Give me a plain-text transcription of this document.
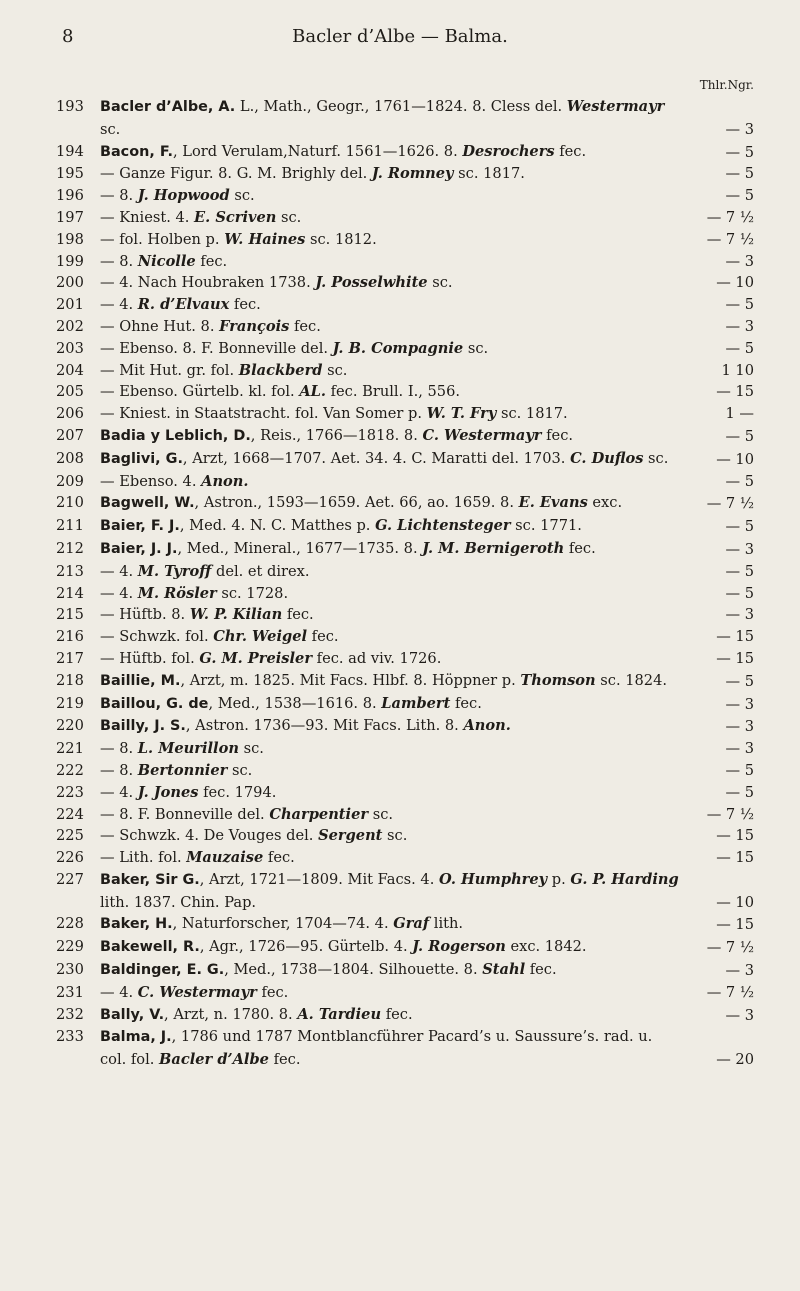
8	Bacler d’Albe — Balma.
Thlr.Ngr.
193	Bacler d’Albe, A. L., Math., Geogr., 1761—1824. 8. Cless del. Westermayr sc.	— 3
194	Bacon, F., Lord Verulam,Naturf. 1561—1626. 8. Desrochers fec.	— 5
195	— Ganze Figur. 8. G. M. Brighly del. J. Romney sc. 1817.	— 5
196	— 8. J. Hopwood sc.	— 5
197	— Kniest. 4. E. Scriven sc.	— 7 ½
198	— fol. Holben p. W. Haines sc. 1812.	— 7 ½
199	— 8. Nicolle fec.	— 3
200	— 4. Nach Houbraken 1738. J. Posselwhite sc.	— 10
201	— 4. R. d’Elvaux fec.	— 5
202	— Ohne Hut. 8. François fec.	— 3
203	— Ebenso. 8. F. Bonneville del. J. B. Compagnie sc.	— 5
204	— Mit Hut. gr. fol. Blackberd sc.	1 10
205	— Ebenso. Gürtelb. kl. fol. AL. fec. Brull. I., 556.	— 15
206	— Kniest. in Staatstracht. fol. Van Somer p. W. T. Fry sc. 1817.	1 —
207	Badia y Leblich, D., Reis., 1766—1818. 8. C. Westermayr fec.	— 5
208	Baglivi, G., Arzt, 1668—1707. Aet. 34. 4. C. Maratti del. 1703. C. Duflos sc.	— 10
209	— Ebenso. 4. Anon.	— 5
210	Bagwell, W., Astron., 1593—1659. Aet. 66, ao. 1659. 8. E. Evans exc.	— 7 ½
211	Baier, F. J., Med. 4. N. C. Matthes p. G. Lichtensteger sc. 1771.	— 5
212	Baier, J. J., Med., Mineral., 1677—1735. 8. J. M. Bernigeroth fec.	— 3
213	— 4. M. Tyroff del. et direx.	— 5
214	— 4. M. Rösler sc. 1728.	— 5
215	— Hüftb. 8. W. P. Kilian fec.	— 3
216	— Schwzk. fol. Chr. Weigel fec.	— 15
217	— Hüftb. fol. G. M. Preisler fec. ad viv. 1726.	— 15
218	Baillie, M., Arzt, m. 1825. Mit Facs. Hlbf. 8. Höppner p. Thomson sc. 1824.	— 5
219	Baillou, G. de, Med., 1538—1616. 8. Lambert fec.	— 3
220	Bailly, J. S., Astron. 1736—93. Mit Facs. Lith. 8. Anon.	— 3
221	— 8. L. Meurillon sc.	— 3
222	— 8. Bertonnier sc.	— 5
223	— 4. J. Jones fec. 1794.	— 5
224	— 8. F. Bonneville del. Charpentier sc.	— 7 ½
225	— Schwzk. 4. De Vouges del. Sergent sc.	— 15
226	— Lith. fol. Mauzaise fec.	— 15
227	Baker, Sir G., Arzt, 1721—1809. Mit Facs. 4. O. Humphrey p. G. P. Harding lith. 1837. Chin. Pap.	— 10
228	Baker, H., Naturforscher, 1704—74. 4. Graf lith.	— 15
229	Bakewell, R., Agr., 1726—95. Gürtelb. 4. J. Rogerson exc. 1842.	— 7 ½
230	Baldinger, E. G., Med., 1738—1804. Silhouette. 8. Stahl fec.	— 3
231	— 4. C. Westermayr fec.	— 7 ½
232	Bally, V., Arzt, n. 1780. 8. A. Tardieu fec.	— 3
233	Balma, J., 1786 und 1787 Montblancführer Pacard’s u. Saussure’s. rad. u. col. fol. Bacler d’Albe fec.	— 20
